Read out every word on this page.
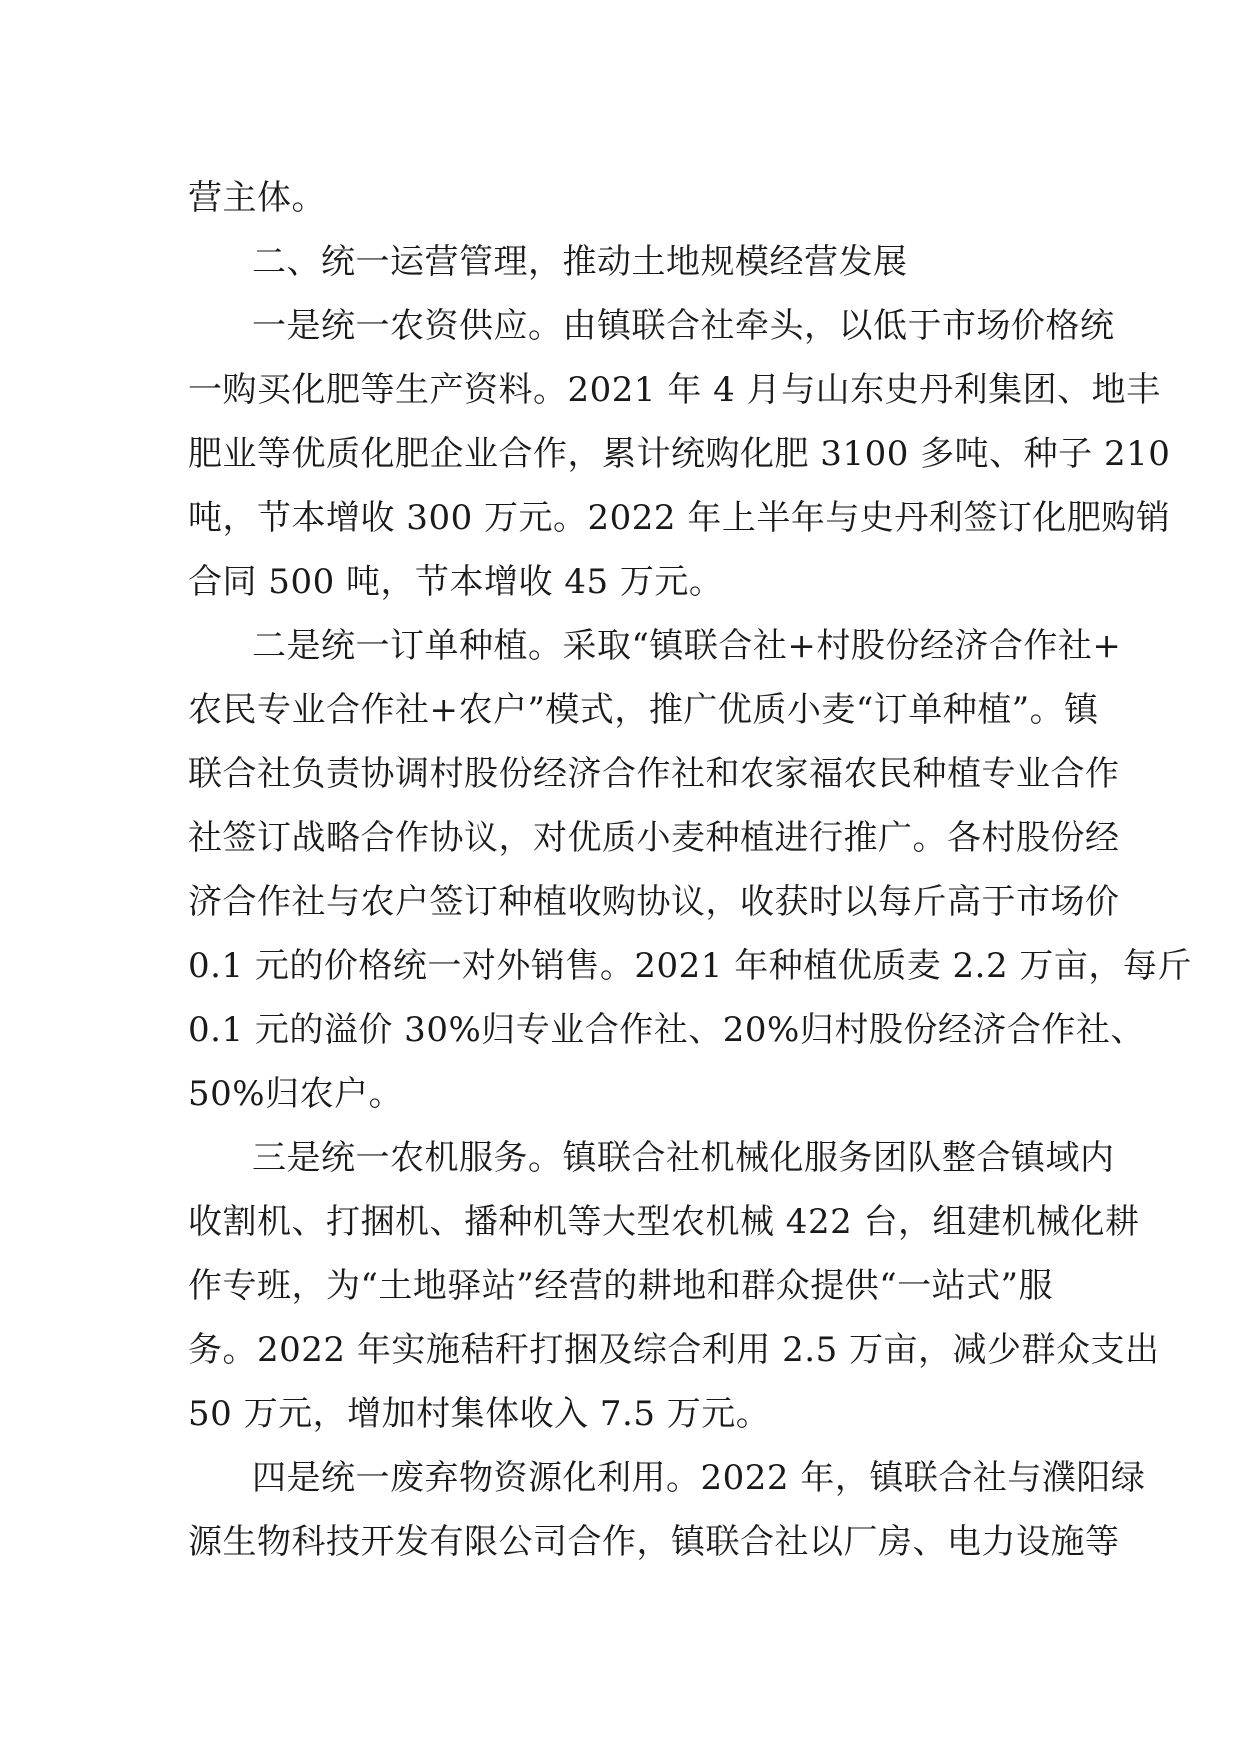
营主体。
二、统一运营管理，推动土地规模经营发展
一是统一农资供应。由镇联合社牵头，以低于市场价格统
一购买化肥等生产资料。2021 年 4 月与山东史丹利集团、地丰
肥业等优质化肥企业合作，累计统购化肥 3100 多吨、种子 210
吨，节本增收 300 万元。2022 年上半年与史丹利签订化肥购销
合同 500 吨，节本增收 45 万元。
二是统一订单种植。采取“镇联合社+村股份经济合作社+
农民专业合作社+农户”模式，推广优质小麦“订单种植”。镇
联合社负责协调村股份经济合作社和农家福农民种植专业合作
社签订战略合作协议，对优质小麦种植进行推广。各村股份经
济合作社与农户签订种植收购协议，收获时以每斤高于市场价
0.1 元的价格统一对外销售。2021 年种植优质麦 2.2 万亩，每斤
0.1 元的溢价 30%归专业合作社、20%归村股份经济合作社、
50%归农户。
三是统一农机服务。镇联合社机械化服务团队整合镇域内
收割机、打捆机、播种机等大型农机械 422 台，组建机械化耕
作专班，为“土地驿站”经营的耕地和群众提供“一站式”服
务。2022 年实施秸秆打捆及综合利用 2.5 万亩，减少群众支出
50 万元，增加村集体收入 7.5 万元。
四是统一废弃物资源化利用。2022 年，镇联合社与濮阳绿
源生物科技开发有限公司合作，镇联合社以厂房、电力设施等
